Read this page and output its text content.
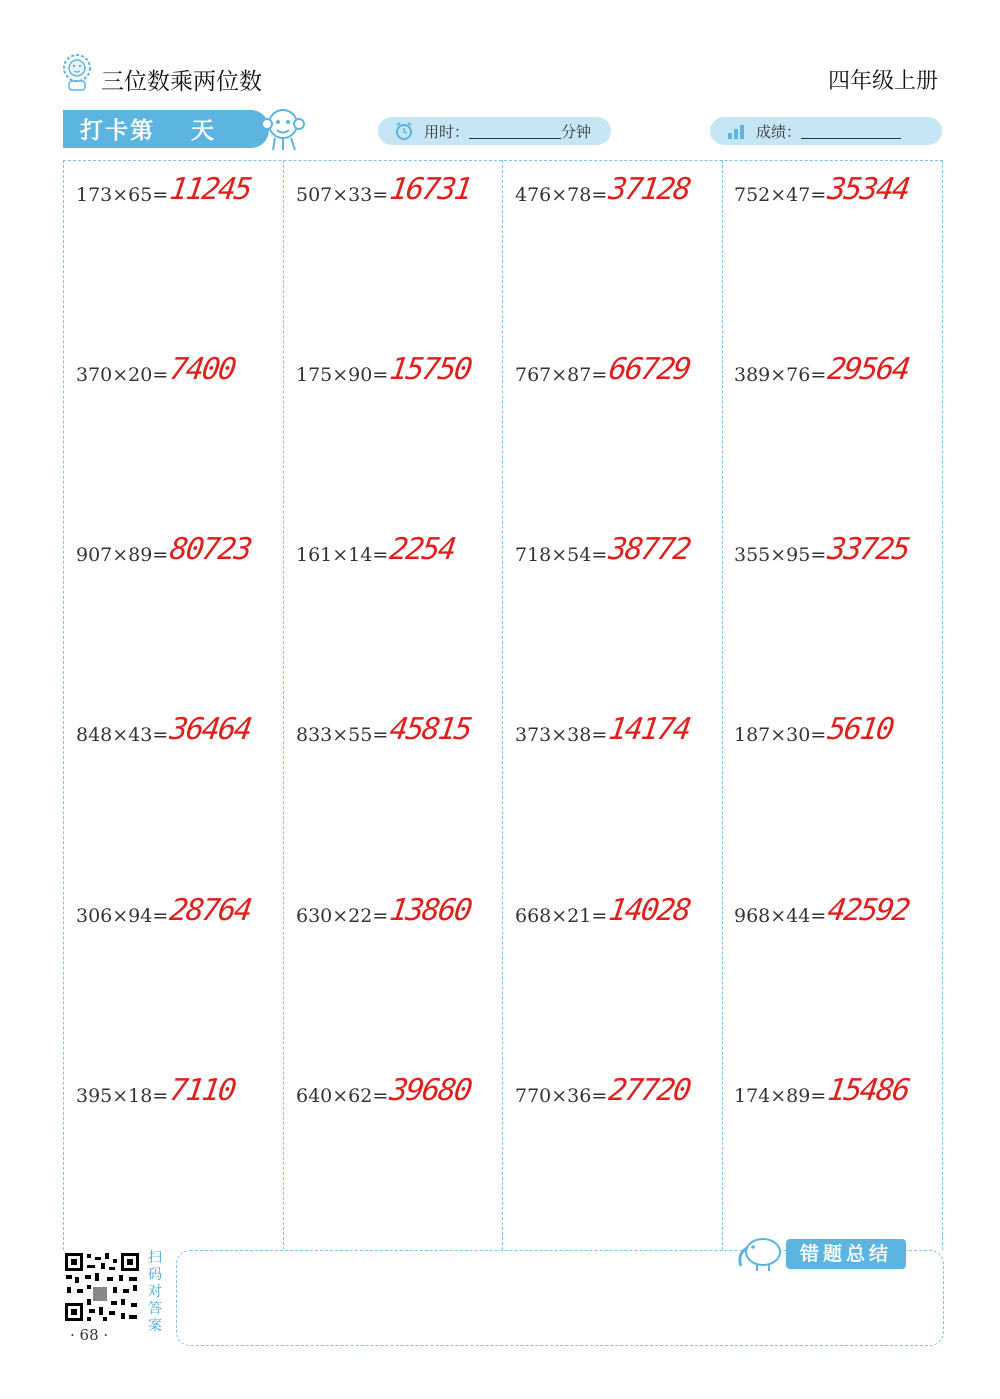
三位数乘两位数	四年级上册
打卡第 天	用时：	分钟	成绩：
173×65= 11245
370×20= 7400
907×89= 80723
848×43= 36464
306×94= 28764
395×18= 7110
507×33= 16731
175×90= 15750
161×14= 2254
833×55= 45815
630×22= 13860
640×62= 39680
476×78= 37128
767×87= 66729
718×54= 38772
373×38= 14174
668×21= 14028
770×36= 27720
752×47= 35344
389×76= 29564
355×95= 33725
187×30= 5610
968×44= 42592
174×89= 15486
错题总结
扫码对答案
· 68 ·
